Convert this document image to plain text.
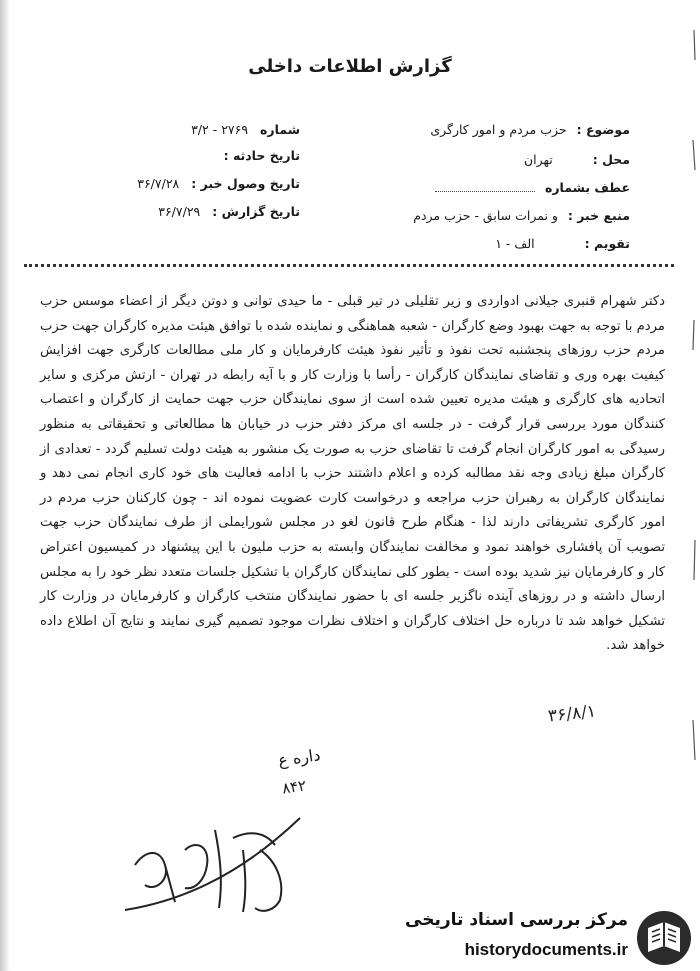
گزارش اطلاعات داخلی
موضوع : حزب مردم و امور کارگری
محل : تهران
عطف بشماره
منبع خبر : و نمرات سابق - حزب مردم
تقویم : الف - ۱
شماره ۲۷۶۹ - ۳/۲
تاریخ حادثه :
تاریخ وصول خبر : ۳۶/۷/۲۸
تاریخ گزارش : ۳۶/۷/۲۹
دکتر شهرام قنبری جیلانی ادواردی و زیر تقلیلی در تیر قبلی - ما حیدی توانی و دوتن دیگر از اعضاء موسس حزب مردم با توجه به جهت بهبود وضع کارگران - شعبه هماهنگی و نماینده شده با توافق هیئت مدیره کارگران جهت حزب مردم حزب روزهای پنجشنبه تحت نفوذ و تأثیر نفوذ هیئت کارفرمایان و کار ملی مطالعات کارگری جهت افزایش کیفیت بهره وری و تقاضای نمایندگان کارگران - رأسا با وزارت کار و با آیه رابطه در تهران - ارتش مرکزی و سایر اتحادیه های کارگری و هیئت مدیره تعیین شده است از سوی نمایندگان حزب جهت حمایت از کارگران و اعتصاب کنندگان مورد بررسی قرار گرفت - در جلسه ای مرکز دفتر حزب در خیابان ها مطالعاتی و تحقیقاتی به منظور رسیدگی به امور کارگران انجام گرفت تا تقاضای حزب به صورت یک منشور به هیئت دولت تسلیم گردد - تعدادی از کارگران مبلغ زیادی وجه نقد مطالبه کرده و اعلام داشتند حزب با ادامه فعالیت های خود کاری انجام نمی دهد و نمایندگان کارگران به رهبران حزب مراجعه و درخواست کارت عضویت نموده اند - چون کارکنان حزب مردم در امور کارگری تشریفاتی دارند لذا - هنگام طرح قانون لغو در مجلس شورایملی از طرف نمایندگان حزب جهت تصویب آن پافشاری خواهند نمود و مخالفت نمایندگان وابسته به حزب ملیون با این پیشنهاد در کمیسیون اعتراض کار و کارفرمایان نیز شدید بوده است - بطور کلی نمایندگان کارگران با تشکیل جلسات متعدد نظر خود را به مجلس ارسال داشته و در روزهای آینده ناگزیر جلسه ای با حضور نمایندگان منتخب کارگران و کارفرمایان در وزارت کار تشکیل خواهد شد تا درباره حل اختلاف کارگران و اختلاف نظرات موجود تصمیم گیری نمایند و نتایج آن اطلاع داده خواهد شد.
۳۶/۸/۱
داره ع
۸۴۲
مرکز بررسی اسناد تاریخی
historydocuments.ir
